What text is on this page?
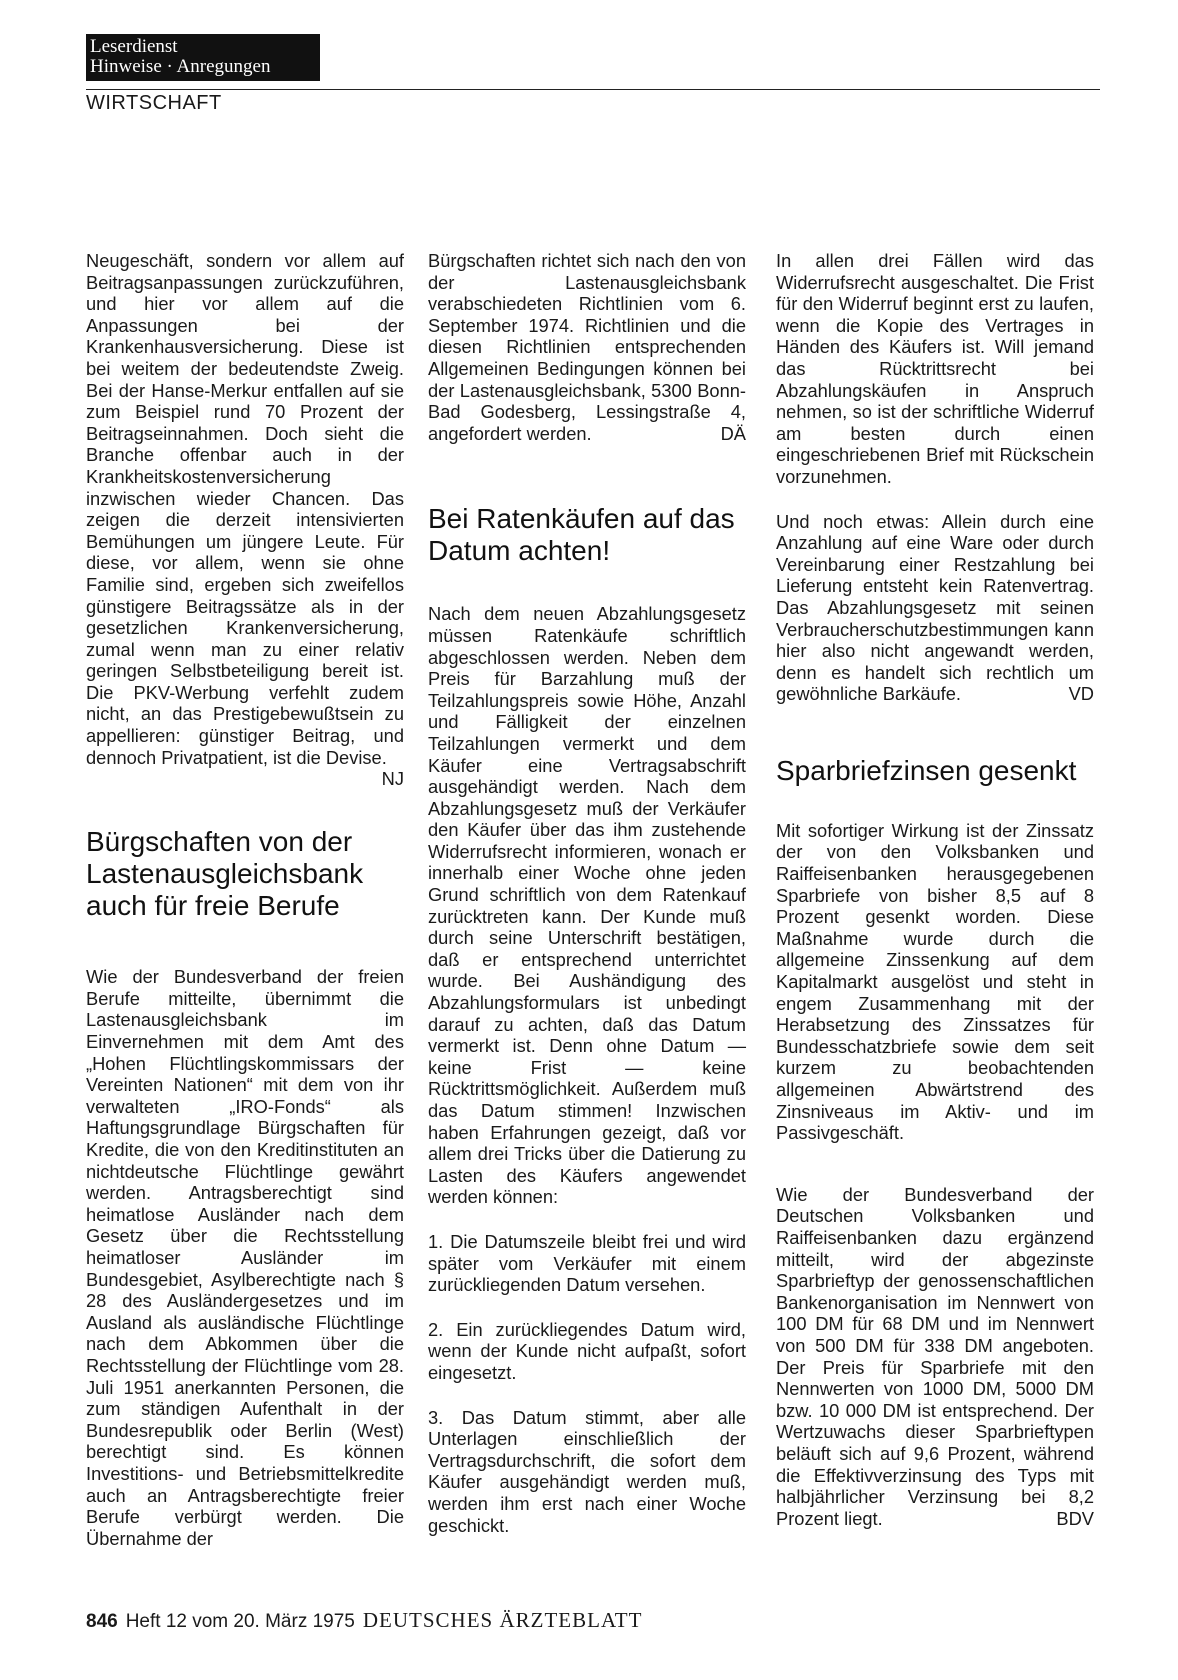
Leserdienst
Hinweise · Anregungen
WIRTSCHAFT

Neugeschäft, sondern vor allem auf Beitragsanpassungen zurückzuführen, und hier vor allem auf die Anpassungen bei der Krankenhausversicherung. Diese ist bei weitem der bedeutendste Zweig. Bei der Hanse-Merkur entfallen auf sie zum Beispiel rund 70 Prozent der Beitragseinnahmen. Doch sieht die Branche offenbar auch in der Krankheitskostenversicherung inzwischen wieder Chancen. Das zeigen die derzeit intensivierten Bemühungen um jüngere Leute. Für diese, vor allem, wenn sie ohne Familie sind, ergeben sich zweifellos günstigere Beitragssätze als in der gesetzlichen Krankenversicherung, zumal wenn man zu einer relativ geringen Selbstbeteiligung bereit ist. Die PKV-Werbung verfehlt zudem nicht, an das Prestigebewußtsein zu appellieren: günstiger Beitrag, und dennoch Privatpatient, ist die Devise.
NJ

Bürgschaften von der Lastenausgleichsbank auch für freie Berufe

Wie der Bundesverband der freien Berufe mitteilte, übernimmt die Lastenausgleichsbank im Einvernehmen mit dem Amt des „Hohen Flüchtlingskommissars der Vereinten Nationen“ mit dem von ihr verwalteten „IRO-Fonds“ als Haftungsgrundlage Bürgschaften für Kredite, die von den Kreditinstituten an nichtdeutsche Flüchtlinge gewährt werden. Antragsberechtigt sind heimatlose Ausländer nach dem Gesetz über die Rechtsstellung heimatloser Ausländer im Bundesgebiet, Asylberechtigte nach § 28 des Ausländergesetzes und im Ausland als ausländische Flüchtlinge nach dem Abkommen über die Rechtsstellung der Flüchtlinge vom 28. Juli 1951 anerkannten Personen, die zum ständigen Aufenthalt in der Bundesrepublik oder Berlin (West) berechtigt sind. Es können Investitions- und Betriebsmittelkredite auch an Antragsberechtigte freier Berufe verbürgt werden. Die Übernahme der

Bürgschaften richtet sich nach den von der Lastenausgleichsbank verabschiedeten Richtlinien vom 6. September 1974. Richtlinien und die diesen Richtlinien entsprechenden Allgemeinen Bedingungen können bei der Lastenausgleichsbank, 5300 Bonn-Bad Godesberg, Lessingstraße 4, angefordert werden.	DÄ

Bei Ratenkäufen auf das Datum achten!

Nach dem neuen Abzahlungsgesetz müssen Ratenkäufe schriftlich abgeschlossen werden. Neben dem Preis für Barzahlung muß der Teilzahlungspreis sowie Höhe, Anzahl und Fälligkeit der einzelnen Teilzahlungen vermerkt und dem Käufer eine Vertragsabschrift ausgehändigt werden. Nach dem Abzahlungsgesetz muß der Verkäufer den Käufer über das ihm zustehende Widerrufsrecht informieren, wonach er innerhalb einer Woche ohne jeden Grund schriftlich von dem Ratenkauf zurücktreten kann. Der Kunde muß durch seine Unterschrift bestätigen, daß er entsprechend unterrichtet wurde. Bei Aushändigung des Abzahlungsformulars ist unbedingt darauf zu achten, daß das Datum vermerkt ist. Denn ohne Datum — keine Frist — keine Rücktrittsmöglichkeit. Außerdem muß das Datum stimmen! Inzwischen haben Erfahrungen gezeigt, daß vor allem drei Tricks über die Datierung zu Lasten des Käufers angewendet werden können:

1. Die Datumszeile bleibt frei und wird später vom Verkäufer mit einem zurückliegenden Datum versehen.

2. Ein zurückliegendes Datum wird, wenn der Kunde nicht aufpaßt, sofort eingesetzt.

3. Das Datum stimmt, aber alle Unterlagen einschließlich der Vertragsdurchschrift, die sofort dem Käufer ausgehändigt werden muß, werden ihm erst nach einer Woche geschickt.

In allen drei Fällen wird das Widerrufsrecht ausgeschaltet. Die Frist für den Widerruf beginnt erst zu laufen, wenn die Kopie des Vertrages in Händen des Käufers ist. Will jemand das Rücktrittsrecht bei Abzahlungskäufen in Anspruch nehmen, so ist der schriftliche Widerruf am besten durch einen eingeschriebenen Brief mit Rückschein vorzunehmen.

Und noch etwas: Allein durch eine Anzahlung auf eine Ware oder durch Vereinbarung einer Restzahlung bei Lieferung entsteht kein Ratenvertrag. Das Abzahlungsgesetz mit seinen Verbraucherschutzbestimmungen kann hier also nicht angewandt werden, denn es handelt sich rechtlich um gewöhnliche Barkäufe.	VD

Sparbriefzinsen gesenkt

Mit sofortiger Wirkung ist der Zinssatz der von den Volksbanken und Raiffeisenbanken herausgegebenen Sparbriefe von bisher 8,5 auf 8 Prozent gesenkt worden. Diese Maßnahme wurde durch die allgemeine Zinssenkung auf dem Kapitalmarkt ausgelöst und steht in engem Zusammenhang mit der Herabsetzung des Zinssatzes für Bundesschatzbriefe sowie dem seit kurzem zu beobachtenden allgemeinen Abwärtstrend des Zinsniveaus im Aktiv- und im Passivgeschäft.

Wie der Bundesverband der Deutschen Volksbanken und Raiffeisenbanken dazu ergänzend mitteilt, wird der abgezinste Sparbrieftyp der genossenschaftlichen Bankenorganisation im Nennwert von 100 DM für 68 DM und im Nennwert von 500 DM für 338 DM angeboten. Der Preis für Sparbriefe mit den Nennwerten von 1000 DM, 5000 DM bzw. 10 000 DM ist entsprechend. Der Wertzuwachs dieser Sparbrieftypen beläuft sich auf 9,6 Prozent, während die Effektivverzinsung des Typs mit halbjährlicher Verzinsung bei 8,2 Prozent liegt.	BDV

846 Heft 12 vom 20. März 1975 DEUTSCHES ÄRZTEBLATT
